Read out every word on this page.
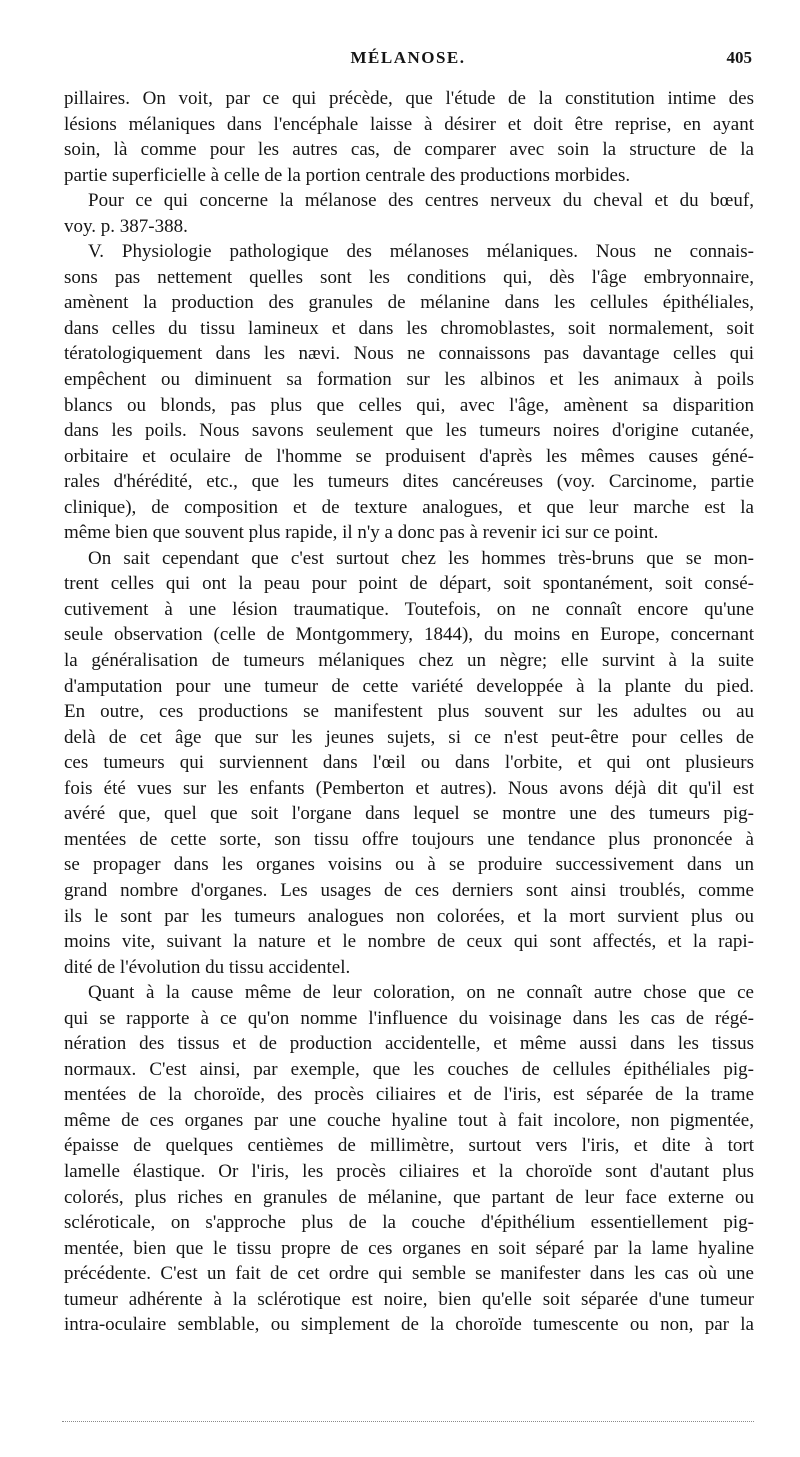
MÉLANOSE.	405
pillaires. On voit, par ce qui précède, que l'étude de la constitution intime des
lésions mélaniques dans l'encéphale laisse à désirer et doit être reprise, en ayant
soin, là comme pour les autres cas, de comparer avec soin la structure de la
partie superficielle à celle de la portion centrale des productions morbides.
Pour ce qui concerne la mélanose des centres nerveux du cheval et du bœuf,
voy. p. 387-388.
V. Physiologie pathologique des mélanoses mélaniques. Nous ne connais-
sons pas nettement quelles sont les conditions qui, dès l'âge embryonnaire,
amènent la production des granules de mélanine dans les cellules épithéliales,
dans celles du tissu lamineux et dans les chromoblastes, soit normalement, soit
tératologiquement dans les nævi. Nous ne connaissons pas davantage celles qui
empêchent ou diminuent sa formation sur les albinos et les animaux à poils
blancs ou blonds, pas plus que celles qui, avec l'âge, amènent sa disparition
dans les poils. Nous savons seulement que les tumeurs noires d'origine cutanée,
orbitaire et oculaire de l'homme se produisent d'après les mêmes causes géné-
rales d'hérédité, etc., que les tumeurs dites cancéreuses (voy. Carcinome, partie
clinique), de composition et de texture analogues, et que leur marche est la
même bien que souvent plus rapide, il n'y a donc pas à revenir ici sur ce point.
On sait cependant que c'est surtout chez les hommes très-bruns que se mon-
trent celles qui ont la peau pour point de départ, soit spontanément, soit consé-
cutivement à une lésion traumatique. Toutefois, on ne connaît encore qu'une
seule observation (celle de Montgommery, 1844), du moins en Europe, concernant
la généralisation de tumeurs mélaniques chez un nègre; elle survint à la suite
d'amputation pour une tumeur de cette variété developpée à la plante du pied.
En outre, ces productions se manifestent plus souvent sur les adultes ou au
delà de cet âge que sur les jeunes sujets, si ce n'est peut-être pour celles de
ces tumeurs qui surviennent dans l'œil ou dans l'orbite, et qui ont plusieurs
fois été vues sur les enfants (Pemberton et autres). Nous avons déjà dit qu'il est
avéré que, quel que soit l'organe dans lequel se montre une des tumeurs pig-
mentées de cette sorte, son tissu offre toujours une tendance plus prononcée à
se propager dans les organes voisins ou à se produire successivement dans un
grand nombre d'organes. Les usages de ces derniers sont ainsi troublés, comme
ils le sont par les tumeurs analogues non colorées, et la mort survient plus ou
moins vite, suivant la nature et le nombre de ceux qui sont affectés, et la rapi-
dité de l'évolution du tissu accidentel.
Quant à la cause même de leur coloration, on ne connaît autre chose que ce
qui se rapporte à ce qu'on nomme l'influence du voisinage dans les cas de régé-
nération des tissus et de production accidentelle, et même aussi dans les tissus
normaux. C'est ainsi, par exemple, que les couches de cellules épithéliales pig-
mentées de la choroïde, des procès ciliaires et de l'iris, est séparée de la trame
même de ces organes par une couche hyaline tout à fait incolore, non pigmentée,
épaisse de quelques centièmes de millimètre, surtout vers l'iris, et dite à tort
lamelle élastique. Or l'iris, les procès ciliaires et la choroïde sont d'autant plus
colorés, plus riches en granules de mélanine, que partant de leur face externe ou
scléroticale, on s'approche plus de la couche d'épithélium essentiellement pig-
mentée, bien que le tissu propre de ces organes en soit séparé par la lame hyaline
précédente. C'est un fait de cet ordre qui semble se manifester dans les cas où une
tumeur adhérente à la sclérotique est noire, bien qu'elle soit séparée d'une tumeur
intra-oculaire semblable, ou simplement de la choroïde tumescente ou non, par la
